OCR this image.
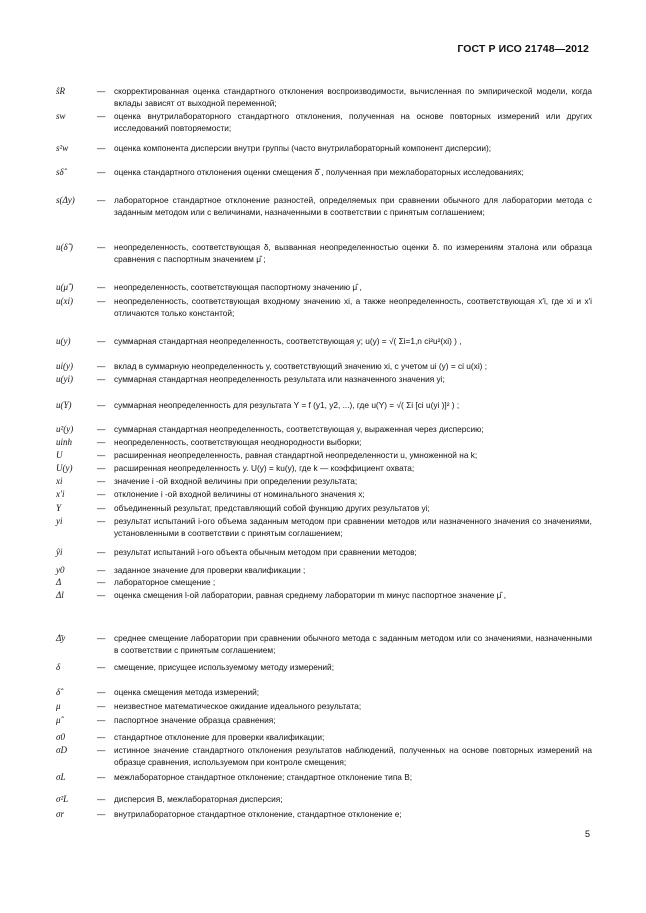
ГОСТ Р ИСО 21748—2012
ŝR	—	скорректированная оценка стандартного отклонения воспроизводимости, вычисленная по эмпирической модели, когда вклады зависят от выходной переменной;
sw	—	оценка внутрилабораторного стандартного отклонения, полученная на основе повторных измерений или других исследований повторяемости;
s²w	—	оценка компонента дисперсии внутри группы (часто внутрилабораторный компонент дисперсии);
sδ̂	—	оценка стандартного отклонения оценки смещения δ̂ , полученная при межлабораторных исследованиях;
s(Δy)	—	лабораторное стандартное отклонение разностей, определяемых при сравнении обычного для лаборатории метода с заданным методом или с величинами, назначенными в соответствии с принятым соглашением;
u(δ̂ )	—	неопределенность, соответствующая δ, вызванная неопределенностью оценки δ. по измерениям эталона или образца сравнения с паспортным значением μ̂ ;
u(μ̂ )	—	неопределенность, соответствующая паспортному значению μ̂ ,
u(xi)	—	неопределенность, соответствующая входному значению xi, а также неопределенность, соответствующая x′i, где xi и x′i отличаются только константой;
u(y)	—	суммарная стандартная неопределенность, соответствующая y; u(y) = √( Σi=1,n ci²u²(xi) ) ,
ui(y)	—	вклад в суммарную неопределенность y, соответствующий значению xi, с учетом ui (y) = ci u(xi) ;
u(yi)	—	суммарная стандартная неопределенность результата или назначенного значения yi;
u(Y)	—	суммарная неопределенность для результата Y = f (y1, y2, ...), где u(Y) = √( Σi [ci u(yi )]² ) ;
u²(y)	—	суммарная стандартная неопределенность, соответствующая y, выраженная через дисперсию;
uinh	—	неопределенность, соответствующая неоднородности выборки;
U	—	расширенная неопределенность, равная стандартной неопределенности u, умноженной на k;
U(y)	—	расширенная неопределенность y. U(y) = ku(y), где k — коэффициент охвата;
xi	—	значение i -ой входной величины при определении результата;
x′i	—	отклонение i -ой входной величины от номинального значения x;
Y	—	объединенный результат, представляющий собой функцию других результатов yi;
yi	—	результат испытаний i-ого объема заданным методом при сравнении методов или назначенного значения со значениями, установленными в соответствии с принятым соглашением;
ŷi	—	результат испытаний i-ого объекта обычным методом при сравнении методов;
y0	—	заданное значение для проверки квалификации ;
Δ	—	лабораторное смещение ;
Δl	—	оценка смещения l-ой лаборатории, равная среднему лаборатории m минус паспортное значение μ̂ ,
Δ̄y	—	среднее смещение лаборатории при сравнении обычного метода с заданным методом или со значениями, назначенными в соответствии с принятым соглашением;
δ	—	смещение, присущее используемому методу измерений;
δ̂	—	оценка смещения метода измерений;
μ	—	неизвестное математическое ожидание идеального результата;
μ̂	—	паспортное значение образца сравнения;
σ0	—	стандартное отклонение для проверки квалификации;
σD	—	истинное значение стандартного отклонения результатов наблюдений, полученных на основе повторных измерений на образце сравнения, используемом при контроле смещения;
σL	—	межлабораторное стандартное отклонение; стандартное отклонение типа B;
σ²L	—	дисперсия B, межлабораторная дисперсия;
σr	—	внутрилабораторное стандартное отклонение, стандартное отклонение e;
5
